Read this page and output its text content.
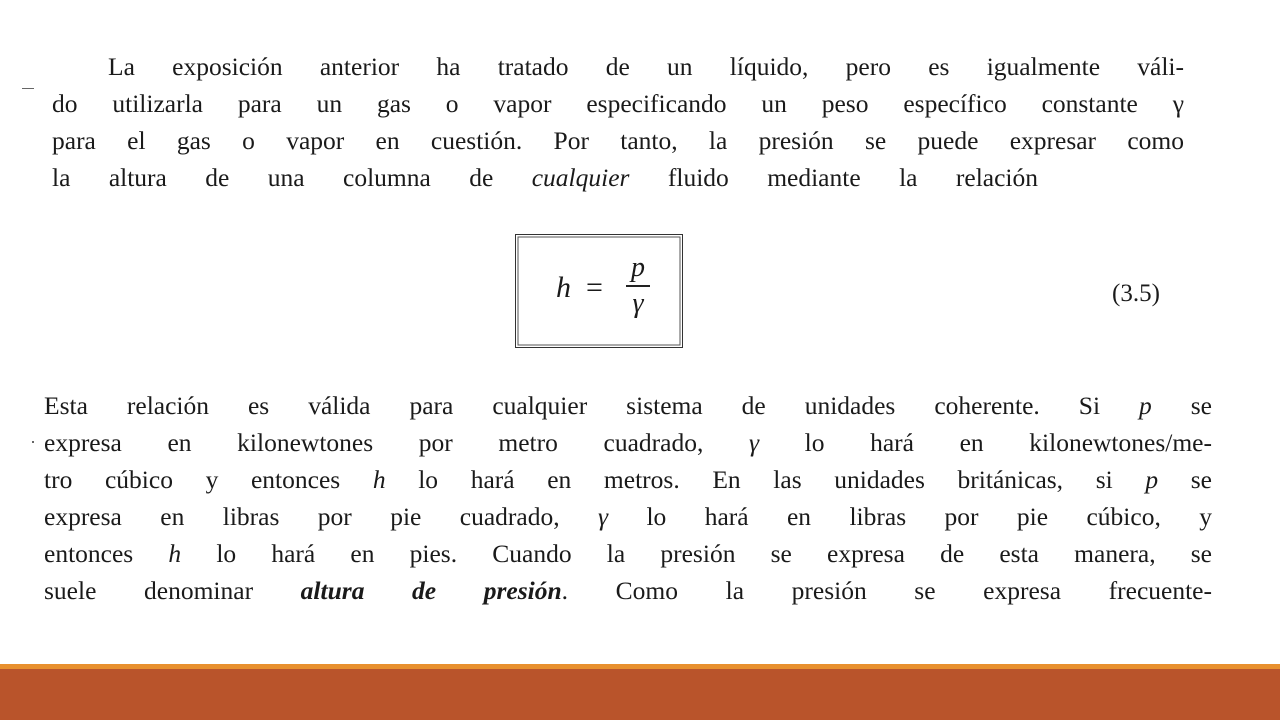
La exposición anterior ha tratado de un líquido, pero es igualmente váli-
do utilizarla para un gas o vapor especificando un peso específico constante γ
para el gas o vapor en cuestión. Por tanto, la presión se puede expresar como
la altura de una columna de cualquier fluido mediante la relación
h =
p
γ	(3.5)
Esta relación es válida para cualquier sistema de unidades coherente. Si p se
expresa en kilonewtones por metro cuadrado, γ lo hará en kilonewtones/me-
tro cúbico y entonces h lo hará en metros. En las unidades británicas, si p se
expresa en libras por pie cuadrado, γ lo hará en libras por pie cúbico, y
entonces h lo hará en pies. Cuando la presión se expresa de esta manera, se
suele denominar altura de presión. Como la presión se expresa frecuente-
